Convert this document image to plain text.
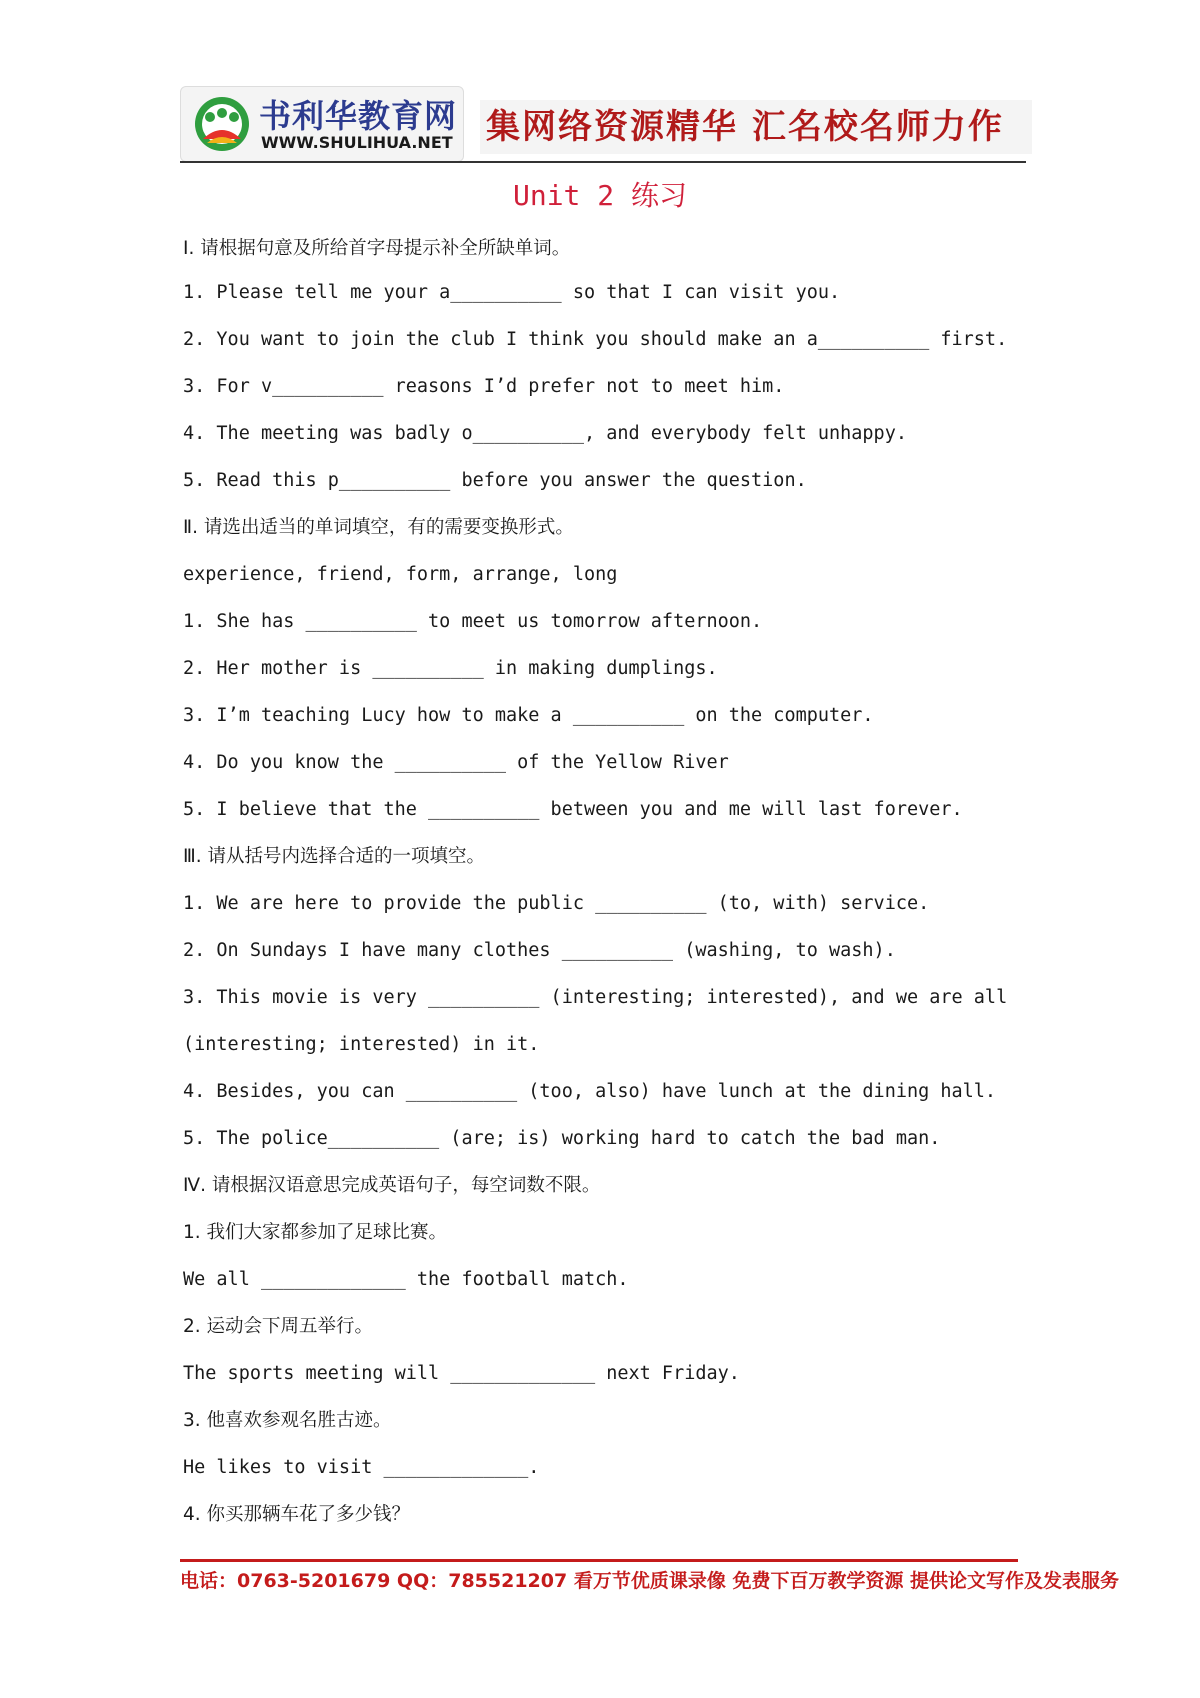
书利华教育网
WWW.SHULIHUA.NET 集网络资源精华 汇名校名师力作
Unit 2 练习
Ⅰ. 请根据句意及所给首字母提示补全所缺单词。
1. Please tell me your a__________ so that I can visit you.
2. You want to join the club I think you should make an a__________ first.
3. For v__________ reasons I’d prefer not to meet him.
4. The meeting was badly o__________, and everybody felt unhappy.
5. Read this p__________ before you answer the question.
Ⅱ. 请选出适当的单词填空，有的需要变换形式。
experience, friend, form, arrange, long
1. She has __________ to meet us tomorrow afternoon.
2. Her mother is __________ in making dumplings.
3. I’m teaching Lucy how to make a __________ on the computer.
4. Do you know the __________ of the Yellow River
5. I believe that the __________ between you and me will last forever.
Ⅲ. 请从括号内选择合适的一项填空。
1. We are here to provide the public __________ (to, with) service.
2. On Sundays I have many clothes __________ (washing, to wash).
3. This movie is very __________ (interesting; interested), and we are all
(interesting; interested) in it.
4. Besides, you can __________ (too, also) have lunch at the dining hall.
5. The police__________ (are; is) working hard to catch the bad man.
Ⅳ. 请根据汉语意思完成英语句子，每空词数不限。
1. 我们大家都参加了足球比赛。
We all _____________ the football match.
2. 运动会下周五举行。
The sports meeting will _____________ next Friday.
3. 他喜欢参观名胜古迹。
He likes to visit _____________.
4. 你买那辆车花了多少钱？
电话：0763-5201679 QQ：785521207 看万节优质课录像 免费下百万教学资源 提供论文写作及发表服务
